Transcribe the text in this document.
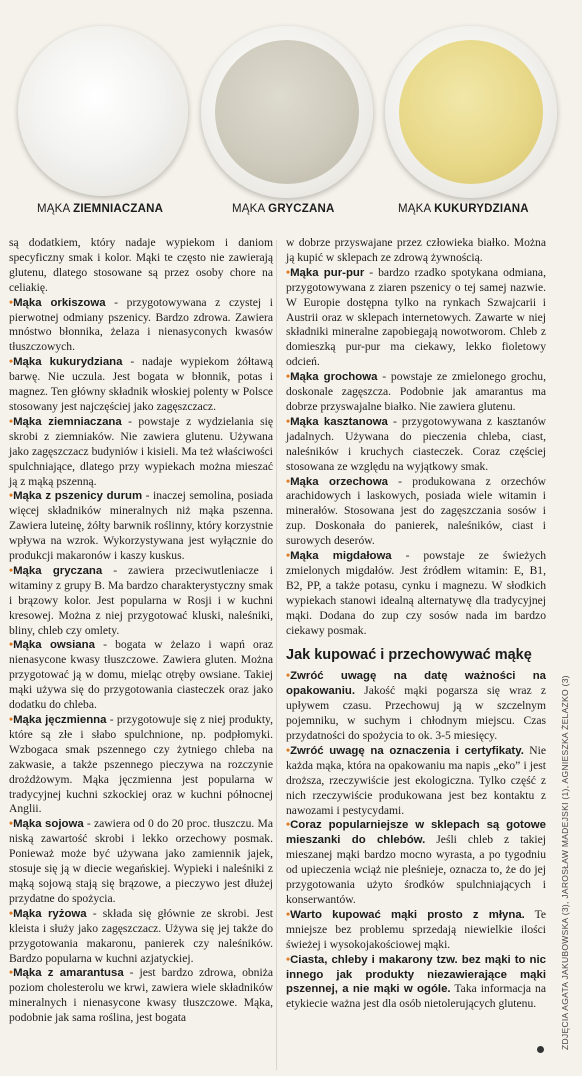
MĄKA ZIEMNIACZANA	MĄKA GRYCZANA	MĄKA KUKURYDZIANA

są dodatkiem, który nadaje wypiekom i daniom specyficzny smak i kolor. Mąki te często nie zawierają glutenu, dlatego stosowane są przez osoby chore na celiakię.

•Mąka orkiszowa - przygotowywana z czystej i pierwotnej odmiany pszenicy. Bardzo zdrowa. Zawiera mnóstwo błonnika, żelaza i nienasyconych kwasów tłuszczowych.

•Mąka kukurydziana - nadaje wypiekom żółtawą barwę. Nie uczula. Jest bogata w błonnik, potas i magnez. Ten główny składnik włoskiej polenty w Polsce stosowany jest najczęściej jako zagęszczacz.

•Mąka ziemniaczana - powstaje z wydzielania się skrobi z ziemniaków. Nie zawiera glutenu. Używana jako zagęszczacz budyniów i kisieli. Ma też właściwości spulchniające, dlatego przy wypiekach można mieszać ją z mąką pszenną.

•Mąka z pszenicy durum - inaczej semolina, posiada więcej składników mineralnych niż mąka pszenna. Zawiera luteinę, żółty barwnik roślinny, który korzystnie wpływa na wzrok. Wykorzystywana jest wyłącznie do produkcji makaronów i kaszy kuskus.

•Mąka gryczana - zawiera przeciwutleniacze i witaminy z grupy B. Ma bardzo charakterystyczny smak i brązowy kolor. Jest popularna w Rosji i w kuchni kresowej. Można z niej przygotować kluski, naleśniki, bliny, chleb czy omlety.

•Mąka owsiana - bogata w żelazo i wapń oraz nienasycone kwasy tłuszczowe. Zawiera gluten. Można przygotować ją w domu, mieląc otręby owsiane. Takiej mąki używa się do przygotowania ciasteczek oraz jako dodatku do chleba.

•Mąka jęczmienna - przygotowuje się z niej produkty, które są złe i słabo spulchnione, np. podpłomyki. Wzbogaca smak pszennego czy żytniego chleba na zakwasie, a także pszennego pieczywa na rozczynie drożdżowym. Mąka jęczmienna jest popularna w tradycyjnej kuchni szkockiej oraz w kuchni północnej Anglii.

•Mąka sojowa - zawiera od 0 do 20 proc. tłuszczu. Ma niską zawartość skrobi i lekko orzechowy posmak. Ponieważ może być używana jako zamiennik jajek, stosuje się ją w diecie wegańskiej. Wypieki i naleśniki z mąką sojową stają się brązowe, a pieczywo jest dłużej przydatne do spożycia.

•Mąka ryżowa - składa się głównie ze skrobi. Jest kleista i służy jako zagęszczacz. Używa się jej także do przygotowania makaronu, panierek czy naleśników. Bardzo popularna w kuchni azjatyckiej.

•Mąka z amarantusa - jest bardzo zdrowa, obniża poziom cholesterolu we krwi, zawiera wiele składników mineralnych i nienasycone kwasy tłuszczowe. Mąka, podobnie jak sama roślina, jest bogata

w dobrze przyswajane przez człowieka białko. Można ją kupić w sklepach ze zdrową żywnością.

•Mąka pur-pur - bardzo rzadko spotykana odmiana, przygotowywana z ziaren pszenicy o tej samej nazwie. W Europie dostępna tylko na rynkach Szwajcarii i Austrii oraz w sklepach internetowych. Zawarte w niej składniki mineralne zapobiegają nowotworom. Chleb z domieszką pur-pur ma ciekawy, lekko fioletowy odcień.

•Mąka grochowa - powstaje ze zmielonego grochu, doskonale zagęszcza. Podobnie jak amarantus ma dobrze przyswajalne białko. Nie zawiera glutenu.

•Mąka kasztanowa - przygotowywana z kasztanów jadalnych. Używana do pieczenia chleba, ciast, naleśników i kruchych ciasteczek. Coraz częściej stosowana ze względu na wyjątkowy smak.

•Mąka orzechowa - produkowana z orzechów arachidowych i laskowych, posiada wiele witamin i minerałów. Stosowana jest do zagęszczania sosów i zup. Doskonała do panierek, naleśników, ciast i surowych deserów.

•Mąka migdałowa - powstaje ze świeżych zmielonych migdałów. Jest źródłem witamin: E, B1, B2, PP, a także potasu, cynku i magnezu. W słodkich wypiekach stanowi idealną alternatywę dla tradycyjnej mąki. Dodana do zup czy sosów nada im bardzo ciekawy posmak.

Jak kupować i przechowywać mąkę

•Zwróć uwagę na datę ważności na opakowaniu. Jakość mąki pogarsza się wraz z upływem czasu. Przechowuj ją w szczelnym pojemniku, w suchym i chłodnym miejscu. Czas przydatności do spożycia to ok. 3-5 miesięcy.

•Zwróć uwagę na oznaczenia i certyfikaty. Nie każda mąka, która na opakowaniu ma napis „eko” i jest droższa, rzeczywiście jest ekologiczna. Tylko część z nich rzeczywiście produkowana jest bez kontaktu z nawozami i pestycydami.

•Coraz popularniejsze w sklepach są gotowe mieszanki do chlebów. Jeśli chleb z takiej mieszanej mąki bardzo mocno wyrasta, a po tygodniu od upieczenia wciąż nie pleśnieje, oznacza to, że do jej przygotowania użyto środków spulchniających i konserwantów.

•Warto kupować mąki prosto z młyna. Te mniejsze bez problemu sprzedają niewielkie ilości świeżej i wysokojakościowej mąki.

•Ciasta, chleby i makarony tzw. bez mąki to nic innego jak produkty niezawierające mąki pszennej, a nie mąki w ogóle. Taka informacja na etykiecie ważna jest dla osób nietolerujących glutenu.	ZDJĘCIA AGATA JAKUBOWSKA (3), JAROSŁAW MADEJSKI (1), AGNIESZKA ŻELAZKO (3)
